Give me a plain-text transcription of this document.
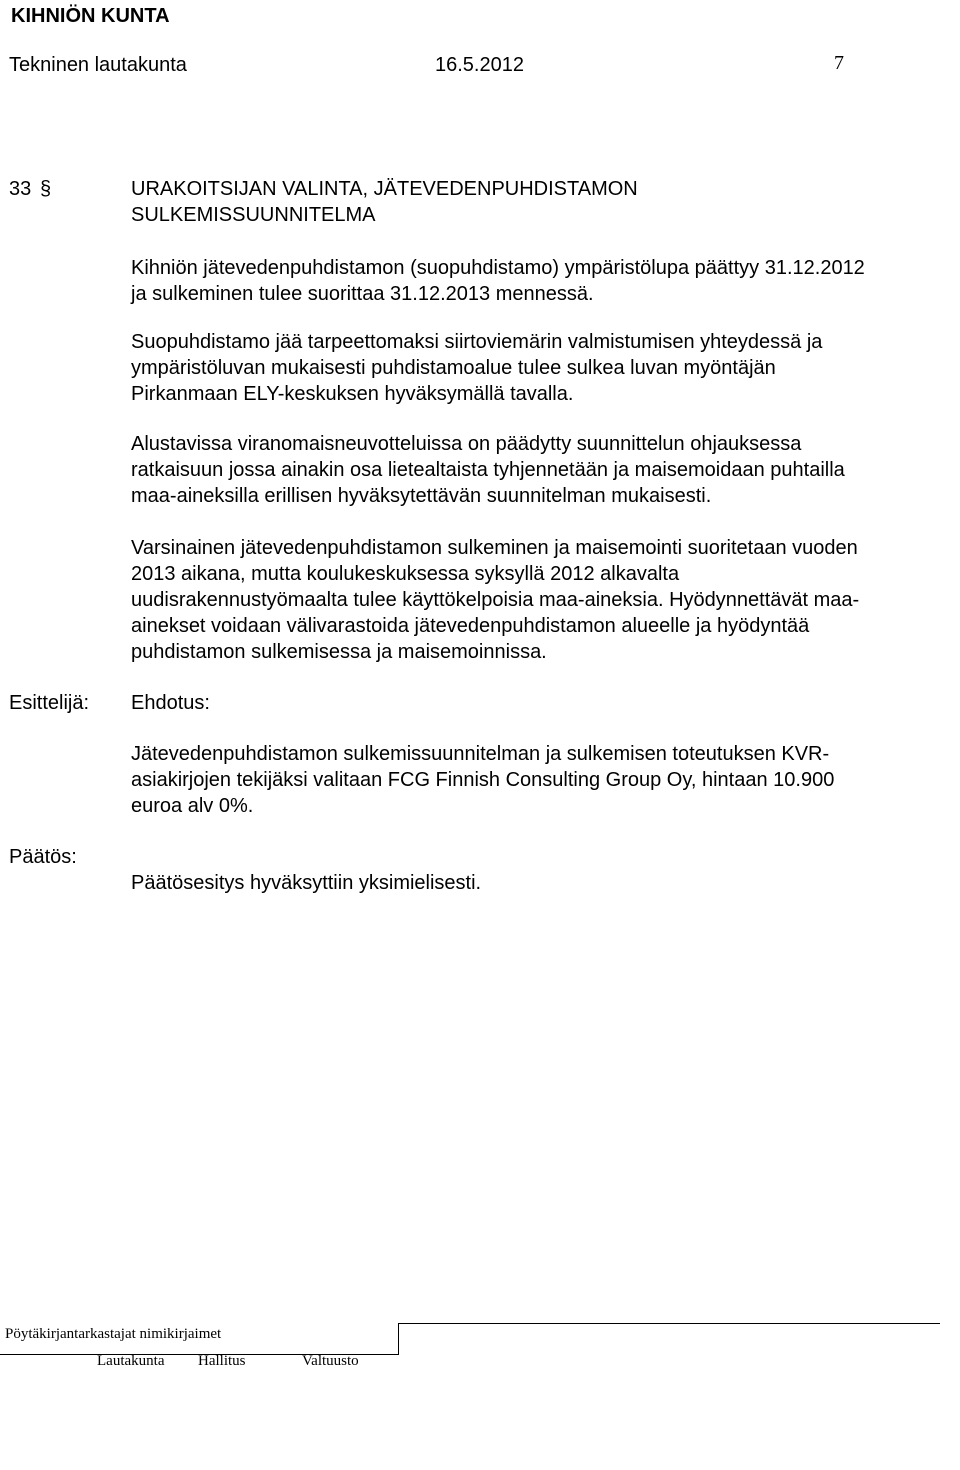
KIHNIÖN KUNTA
Tekninen lautakunta	16.5.2012	7
33 §	URAKOITSIJAN VALINTA, JÄTEVEDENPUHDISTAMON
SULKEMISSUUNNITELMA
Kihniön jätevedenpuhdistamon (suopuhdistamo) ympäristölupa päättyy 31.12.2012
ja sulkeminen tulee suorittaa 31.12.2013 mennessä.
Suopuhdistamo jää tarpeettomaksi siirtoviemärin valmistumisen yhteydessä ja
ympäristöluvan mukaisesti puhdistamoalue tulee sulkea luvan myöntäjän
Pirkanmaan ELY-keskuksen hyväksymällä tavalla.
Alustavissa viranomaisneuvotteluissa on päädytty suunnittelun ohjauksessa
ratkaisuun jossa ainakin osa lietealtaista tyhjennetään ja maisemoidaan puhtailla
maa-aineksilla erillisen hyväksytettävän suunnitelman mukaisesti.
Varsinainen jätevedenpuhdistamon sulkeminen ja maisemointi suoritetaan vuoden
2013 aikana, mutta koulukeskuksessa syksyllä 2012 alkavalta
uudisrakennustyömaalta tulee käyttökelpoisia maa-aineksia. Hyödynnettävät maa-
ainekset voidaan välivarastoida jätevedenpuhdistamon alueelle ja hyödyntää
puhdistamon sulkemisessa ja maisemoinnissa.
Esittelijä: Ehdotus:
Jätevedenpuhdistamon sulkemissuunnitelman ja sulkemisen toteutuksen KVR-
asiakirjojen tekijäksi valitaan FCG Finnish Consulting Group Oy, hintaan 10.900
euroa alv 0%.
Päätös:
Päätösesitys hyväksyttiin yksimielisesti.
Pöytäkirjantarkastajat nimikirjaimet
Lautakunta Hallitus	Valtuusto
